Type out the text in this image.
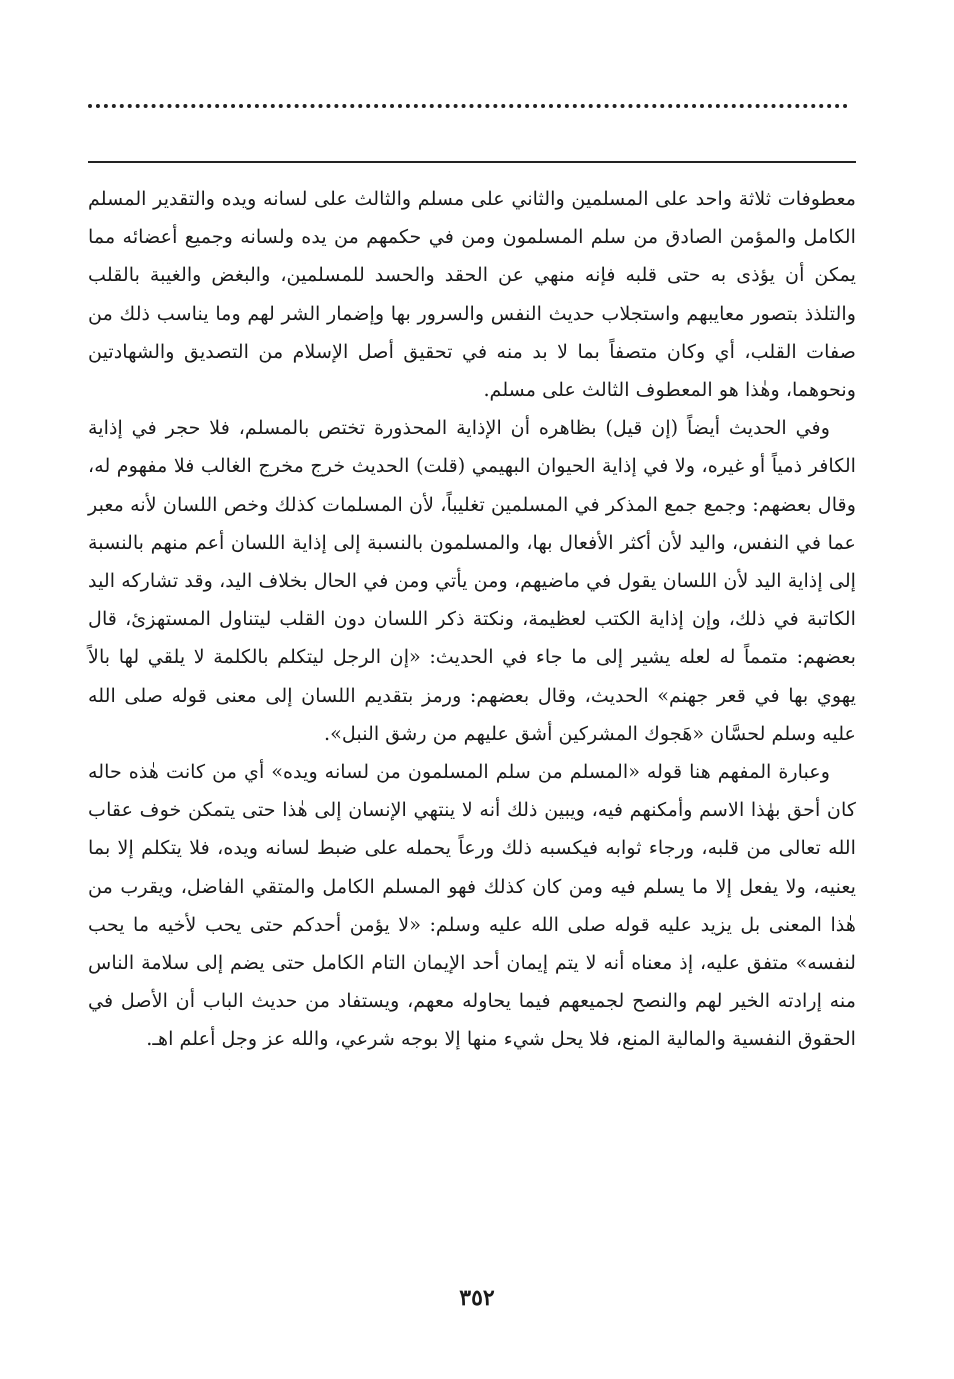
معطوفات ثلاثة واحد على المسلمين والثاني على مسلم والثالث على لسانه ويده والتقدير المسلم الكامل والمؤمن الصادق من سلم المسلمون ومن في حكمهم من يده ولسانه وجميع أعضائه مما يمكن أن يؤذى به حتى قلبه فإنه منهي عن الحقد والحسد للمسلمين، والبغض والغيبة بالقلب والتلذذ بتصور معايبهم واستجلاب حديث النفس والسرور بها وإضمار الشر لهم وما يناسب ذلك من صفات القلب، أي وكان متصفاً بما لا بد منه في تحقيق أصل الإسلام من التصديق والشهادتين ونحوهما، وهٰذا هو المعطوف الثالث على مسلم.

وفي الحديث أيضاً (إن قيل) بظاهره أن الإذاية المحذورة تختص بالمسلم، فلا حجر في إذاية الكافر ذمياً أو غيره، ولا في إذاية الحيوان البهيمي (قلت) الحديث خرج مخرج الغالب فلا مفهوم له، وقال بعضهم: وجمع جمع المذكر في المسلمين تغليباً، لأن المسلمات كذلك وخص اللسان لأنه معبر عما في النفس، واليد لأن أكثر الأفعال بها، والمسلمون بالنسبة إلى إذاية اللسان أعم منهم بالنسبة إلى إذاية اليد لأن اللسان يقول في ماضيهم، ومن يأتي ومن في الحال بخلاف اليد، وقد تشاركه اليد الكاتبة في ذلك، وإن إذاية الكتب لعظيمة، ونكتة ذكر اللسان دون القلب ليتناول المستهزئ، قال بعضهم: متمماً له لعله يشير إلى ما جاء في الحديث: «إن الرجل ليتكلم بالكلمة لا يلقي لها بالاً يهوي بها في قعر جهنم» الحديث، وقال بعضهم: ورمز بتقديم اللسان إلى معنى قوله صلى الله عليه وسلم لحسَّان «هَجوك المشركين أشق عليهم من رشق النبل».

وعبارة المفهم هنا قوله «المسلم من سلم المسلمون من لسانه ويده» أي من كانت هٰذه حاله كان أحق بهٰذا الاسم وأمكنهم فيه، ويبين ذلك أنه لا ينتهي الإنسان إلى هٰذا حتى يتمكن خوف عقاب الله تعالى من قلبه، ورجاء ثوابه فيكسبه ذلك ورعاً يحمله على ضبط لسانه ويده، فلا يتكلم إلا بما يعنيه، ولا يفعل إلا ما يسلم فيه ومن كان كذلك فهو المسلم الكامل والمتقي الفاضل، ويقرب من هٰذا المعنى بل يزيد عليه قوله صلى الله عليه وسلم: «لا يؤمن أحدكم حتى يحب لأخيه ما يحب لنفسه» متفق عليه، إذ معناه أنه لا يتم إيمان أحد الإيمان التام الكامل حتى يضم إلى سلامة الناس منه إرادته الخير لهم والنصح لجميعهم فيما يحاوله معهم، ويستفاد من حديث الباب أن الأصل في الحقوق النفسية والمالية المنع، فلا يحل شيء منها إلا بوجه شرعي، والله عز وجل أعلم اهـ.

٣٥٢
